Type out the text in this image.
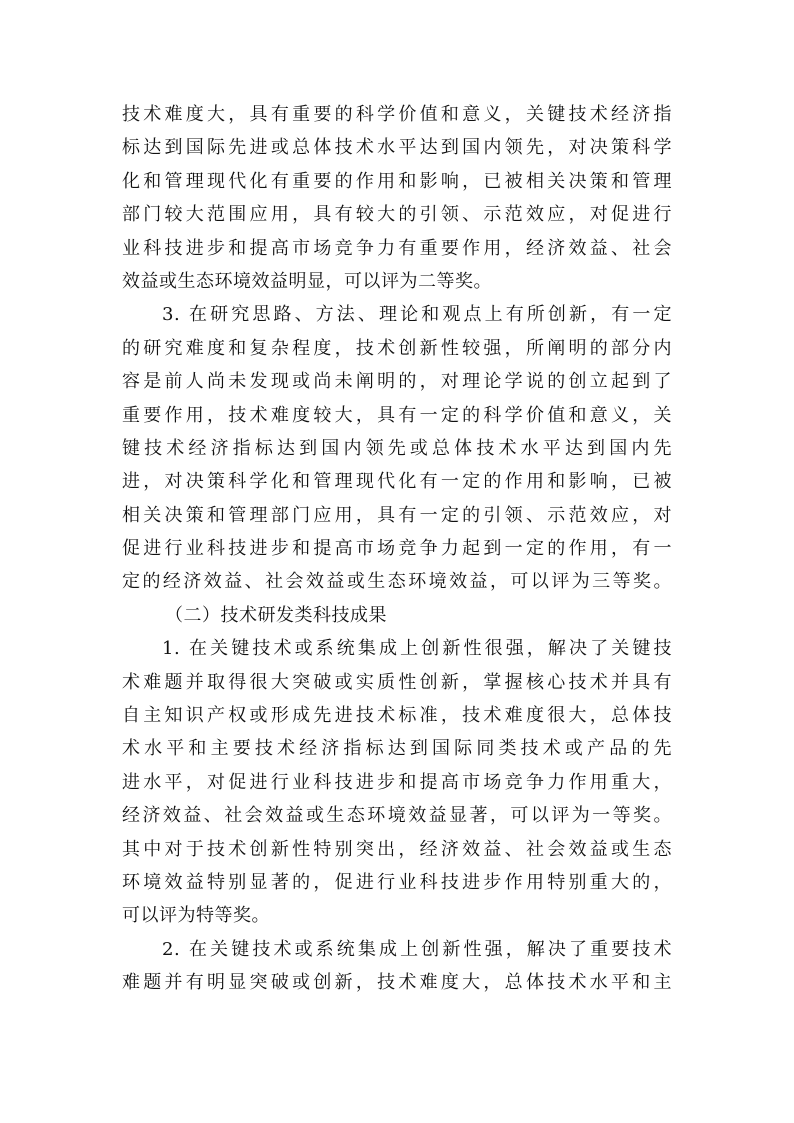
技术难度大，具有重要的科学价值和意义，关键技术经济指
标达到国际先进或总体技术水平达到国内领先，对决策科学
化和管理现代化有重要的作用和影响，已被相关决策和管理
部门较大范围应用，具有较大的引领、示范效应，对促进行
业科技进步和提高市场竞争力有重要作用，经济效益、社会
效益或生态环境效益明显，可以评为二等奖。
3. 在研究思路、方法、理论和观点上有所创新，有一定
的研究难度和复杂程度，技术创新性较强，所阐明的部分内
容是前人尚未发现或尚未阐明的，对理论学说的创立起到了
重要作用，技术难度较大，具有一定的科学价值和意义，关
键技术经济指标达到国内领先或总体技术水平达到国内先
进，对决策科学化和管理现代化有一定的作用和影响，已被
相关决策和管理部门应用，具有一定的引领、示范效应，对
促进行业科技进步和提高市场竞争力起到一定的作用，有一
定的经济效益、社会效益或生态环境效益，可以评为三等奖。
（二）技术研发类科技成果
1. 在关键技术或系统集成上创新性很强，解决了关键技
术难题并取得很大突破或实质性创新，掌握核心技术并具有
自主知识产权或形成先进技术标准，技术难度很大，总体技
术水平和主要技术经济指标达到国际同类技术或产品的先
进水平，对促进行业科技进步和提高市场竞争力作用重大，
经济效益、社会效益或生态环境效益显著，可以评为一等奖。
其中对于技术创新性特别突出，经济效益、社会效益或生态
环境效益特别显著的，促进行业科技进步作用特别重大的，
可以评为特等奖。
2. 在关键技术或系统集成上创新性强，解决了重要技术
难题并有明显突破或创新，技术难度大，总体技术水平和主
